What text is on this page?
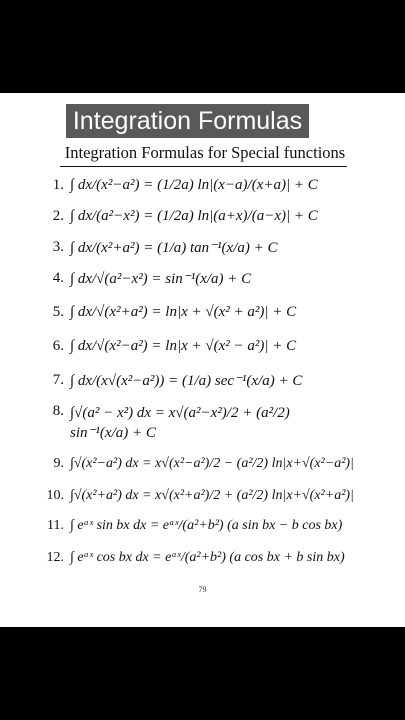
Integration Formulas
Integration Formulas for Special functions
1. ∫ dx/(x²−a²) = (1/2a) ln|(x−a)/(x+a)| + C
2. ∫ dx/(a²−x²) = (1/2a) ln|(a+x)/(a−x)| + C
3. ∫ dx/(x²+a²) = (1/a) tan⁻¹(x/a) + C
4. ∫ dx/√(a²−x²) = sin⁻¹(x/a) + C
5. ∫ dx/√(x²+a²) = ln|x + √(x² + a²)| + C
6. ∫ dx/√(x²−a²) = ln|x + √(x² − a²)| + C
7. ∫ dx/(x√(x²−a²)) = (1/a) sec⁻¹(x/a) + C
8. ∫√(a² − x²) dx = x√(a²−x²)/2 + (a²/2) sin⁻¹(x/a) + C
9. ∫√(x²−a²) dx = x√(x²−a²)/2 − (a²/2) ln|x+√(x²−a²)|
10. ∫√(x²+a²) dx = x√(x²+a²)/2 + (a²/2) ln|x+√(x²+a²)|
11. ∫ eᵃˣ sin bx dx = eᵃˣ/(a²+b²) (a sin bx − b cos bx)
12. ∫ eᵃˣ cos bx dx = eᵃˣ/(a²+b²) (a cos bx + b sin bx)
79
